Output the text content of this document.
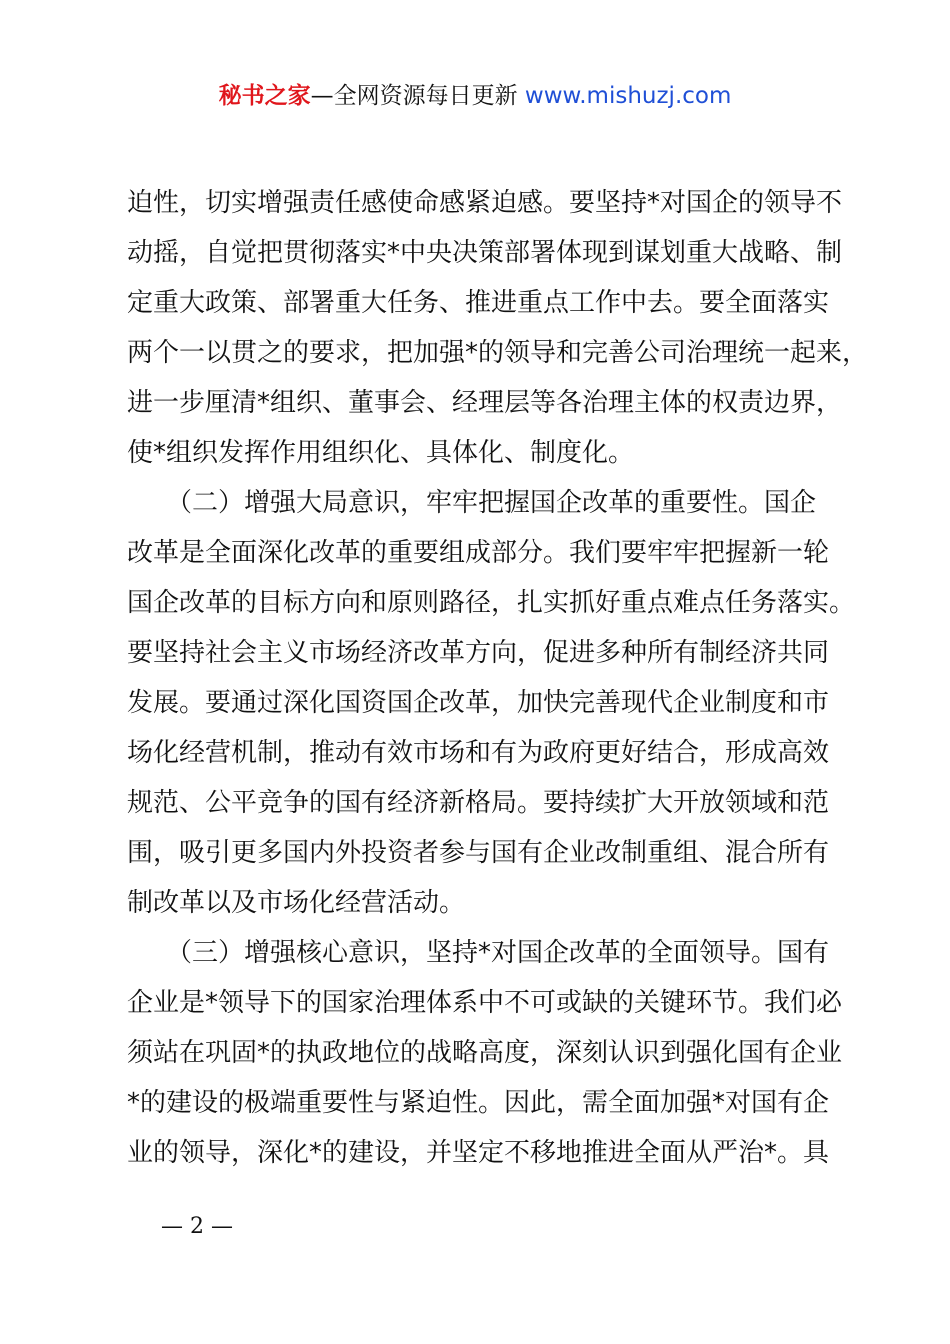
秘书之家—全网资源每日更新 www.mishuzj.com
迫性，切实增强责任感使命感紧迫感。要坚持*对国企的领导不
动摇，自觉把贯彻落实*中央决策部署体现到谋划重大战略、制
定重大政策、部署重大任务、推进重点工作中去。要全面落实
两个一以贯之的要求，把加强*的领导和完善公司治理统一起来，
进一步厘清*组织、董事会、经理层等各治理主体的权责边界，
使*组织发挥作用组织化、具体化、制度化。
　　（二）增强大局意识，牢牢把握国企改革的重要性。国企
改革是全面深化改革的重要组成部分。我们要牢牢把握新一轮
国企改革的目标方向和原则路径，扎实抓好重点难点任务落实。
要坚持社会主义市场经济改革方向，促进多种所有制经济共同
发展。要通过深化国资国企改革，加快完善现代企业制度和市
场化经营机制，推动有效市场和有为政府更好结合，形成高效
规范、公平竞争的国有经济新格局。要持续扩大开放领域和范
围，吸引更多国内外投资者参与国有企业改制重组、混合所有
制改革以及市场化经营活动。
　　（三）增强核心意识，坚持*对国企改革的全面领导。国有
企业是*领导下的国家治理体系中不可或缺的关键环节。我们必
须站在巩固*的执政地位的战略高度，深刻认识到强化国有企业
*的建设的极端重要性与紧迫性。因此，需全面加强*对国有企
业的领导，深化*的建设，并坚定不移地推进全面从严治*。具
— 2 —
